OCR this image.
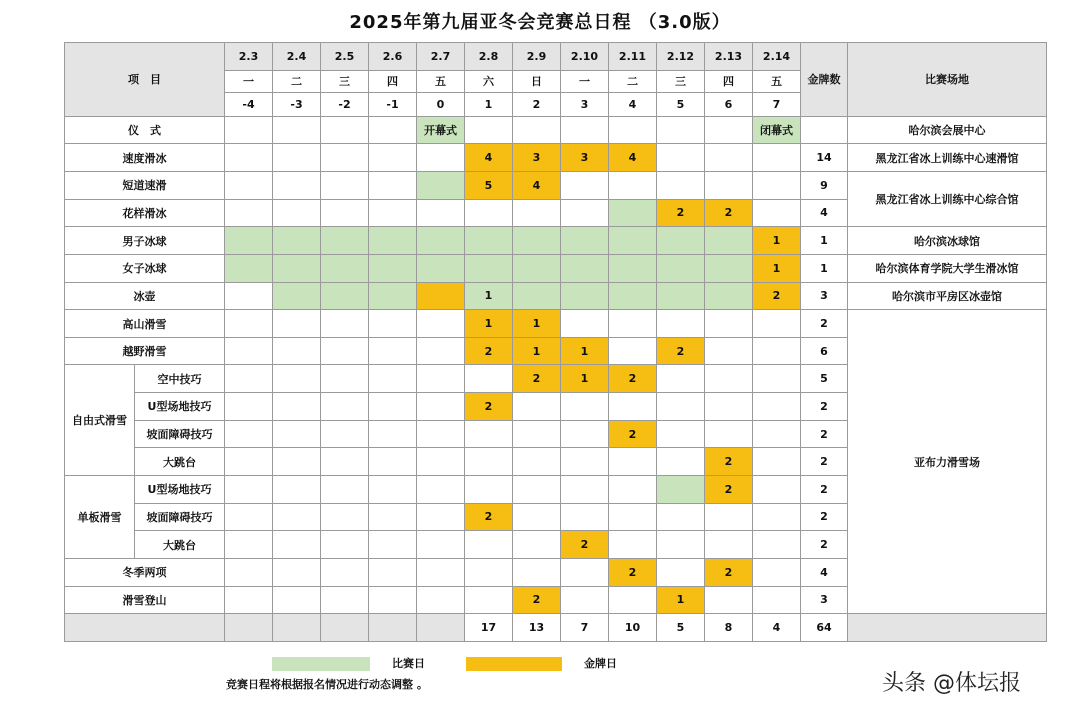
2025年第九届亚冬会竞赛总日程 （3.0版）
项　目		2.3	2.4	2.5	2.6	2.7	2.8	2.9	2.10	2.11	2.12	2.13	2.14	金牌数	比赛场地
		一	二	三	四	五	六	日	一	二	三	四	五		
		-4	-3	-2	-1	0	1	2	3	4	5	6	7		
仪　式						开幕式							闭幕式		哈尔滨会展中心
速度滑冰							4	3	3	4				14	黑龙江省冰上训练中心速滑馆
短道速滑							5	4						9	黑龙江省冰上训练中心综合馆
花样滑冰											2	2		4	
男子冰球													1	1	哈尔滨冰球馆
女子冰球													1	1	哈尔滨体育学院大学生滑冰馆
冰壶							1						2	3	哈尔滨市平房区冰壶馆
高山滑雪							1	1						2	亚布力滑雪场
越野滑雪							2	1	1		2			6	
自由式滑雪	空中技巧							2	1	2				5	
	U型场地技巧						2							2	
	坡面障碍技巧									2				2	
	大跳台											2		2	
单板滑雪	U型场地技巧											2		2	
	坡面障碍技巧						2							2	
	大跳台								2					2	
冬季两项										2		2		4	
滑雪登山								2			1			3	
							17	13	7	10	5	8	4	64	
比赛日	金牌日
竞赛日程将根据报名情况进行动态调整 。	头条 @体坛报
